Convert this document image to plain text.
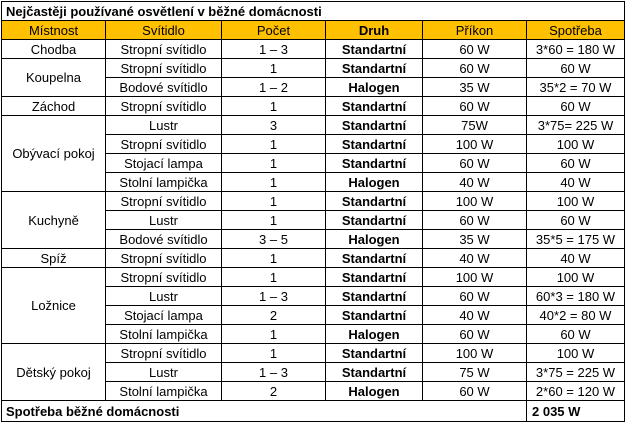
Nejčastěji používané osvětlení v běžné domácnosti					
Místnost	Svítidlo	Počet	Druh	Příkon	Spotřeba
Chodba	Stropní svítidlo	1 – 3	Standartní	60 W	3*60 = 180 W
Koupelna	Stropní svítidlo	1	Standartní	60 W	60 W
	Bodové svítidlo	1 – 2	Halogen	35 W	35*2 = 70 W
Záchod	Stropní svítidlo	1	Standartní	60 W	60 W
Obývací pokoj	Lustr	3	Standartní	75W	3*75= 225 W
	Stropní svítidlo	1	Standartní	100 W	100 W
	Stojací lampa	1	Standartní	60 W	60 W
	Stolní lampička	1	Halogen	40 W	40 W
Kuchyně	Stropní svítidlo	1	Standartní	100 W	100 W
	Lustr	1	Standartní	60 W	60 W
	Bodové svítidlo	3 – 5	Halogen	35 W	35*5 = 175 W
Spíž	Stropní svítidlo	1	Standartní	40 W	40 W
Ložnice	Stropní svítidlo	1	Standartní	100 W	100 W
	Lustr	1 – 3	Standartní	60 W	60*3 = 180 W
	Stojací lampa	2	Standartní	40 W	40*2 = 80 W
	Stolní lampička	1	Halogen	60 W	60 W
Dětský pokoj	Stropní svítidlo	1	Standartní	100 W	100 W
	Lustr	1 – 3	Standartní	75 W	3*75 = 225 W
	Stolní lampička	2	Halogen	60 W	2*60 = 120 W
Spotřeba běžné domácnosti					2 035 W
